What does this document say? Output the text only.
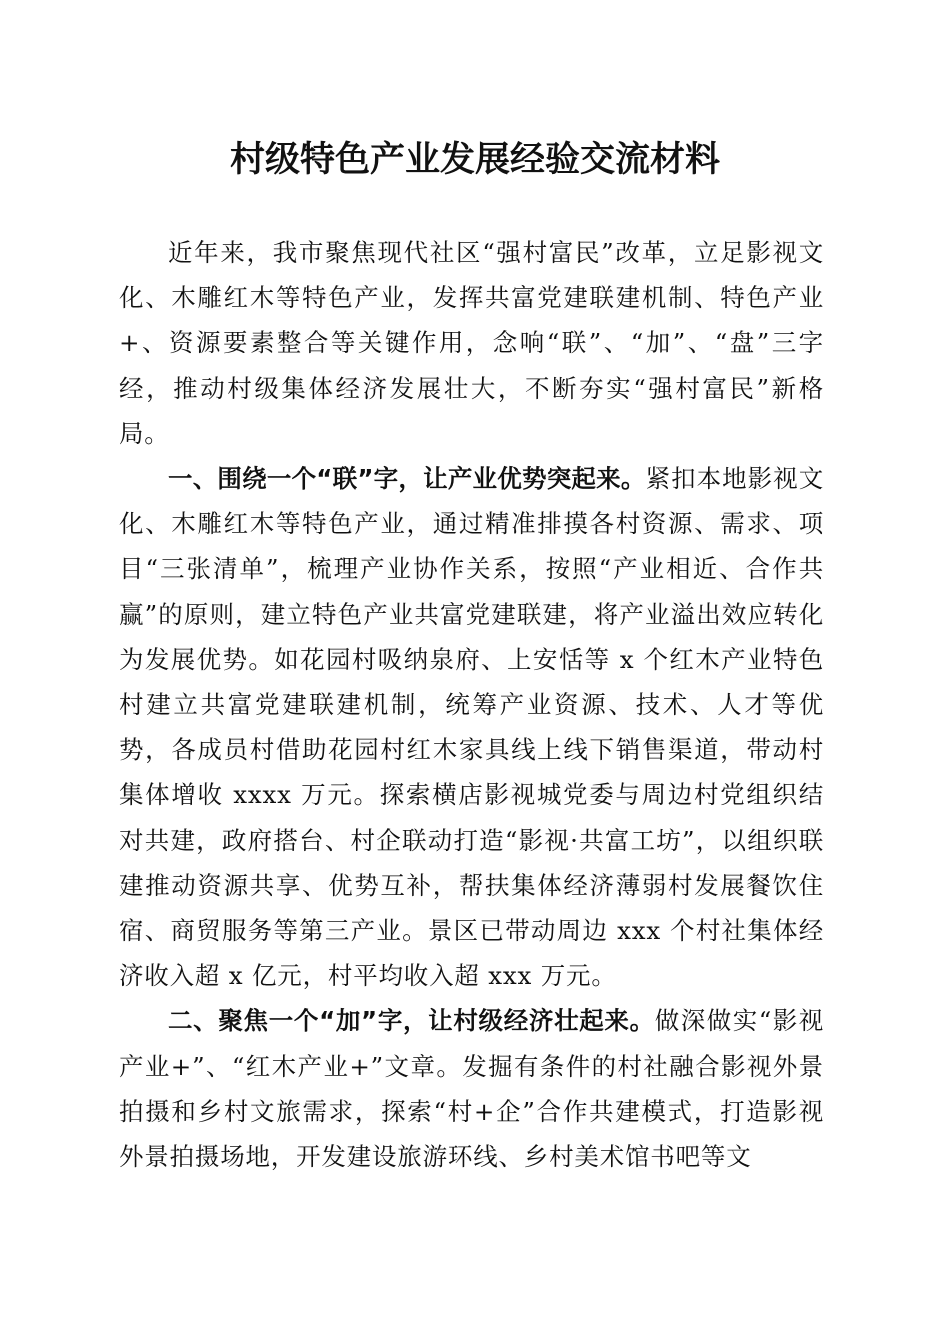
村级特色产业发展经验交流材料

近年来，我市聚焦现代社区“强村富民”改革，立足影视文化、木雕红木等特色产业，发挥共富党建联建机制、特色产业+、资源要素整合等关键作用，念响“联”、“加”、“盘”三字经，推动村级集体经济发展壮大，不断夯实“强村富民”新格局。

一、围绕一个“联”字，让产业优势突起来。紧扣本地影视文化、木雕红木等特色产业，通过精准排摸各村资源、需求、项目“三张清单”，梳理产业协作关系，按照“产业相近、合作共赢”的原则，建立特色产业共富党建联建，将产业溢出效应转化为发展优势。如花园村吸纳泉府、上安恬等 x 个红木产业特色村建立共富党建联建机制，统筹产业资源、技术、人才等优势，各成员村借助花园村红木家具线上线下销售渠道，带动村集体增收 xxxx 万元。探索横店影视城党委与周边村党组织结对共建，政府搭台、村企联动打造“影视·共富工坊”，以组织联建推动资源共享、优势互补，帮扶集体经济薄弱村发展餐饮住宿、商贸服务等第三产业。景区已带动周边 xxx 个村社集体经济收入超 x 亿元，村平均收入超 xxx 万元。

二、聚焦一个“加”字，让村级经济壮起来。做深做实“影视产业+”、“红木产业+”文章。发掘有条件的村社融合影视外景拍摄和乡村文旅需求，探索“村+企”合作共建模式，打造影视外景拍摄场地，开发建设旅游环线、乡村美术馆书吧等文
